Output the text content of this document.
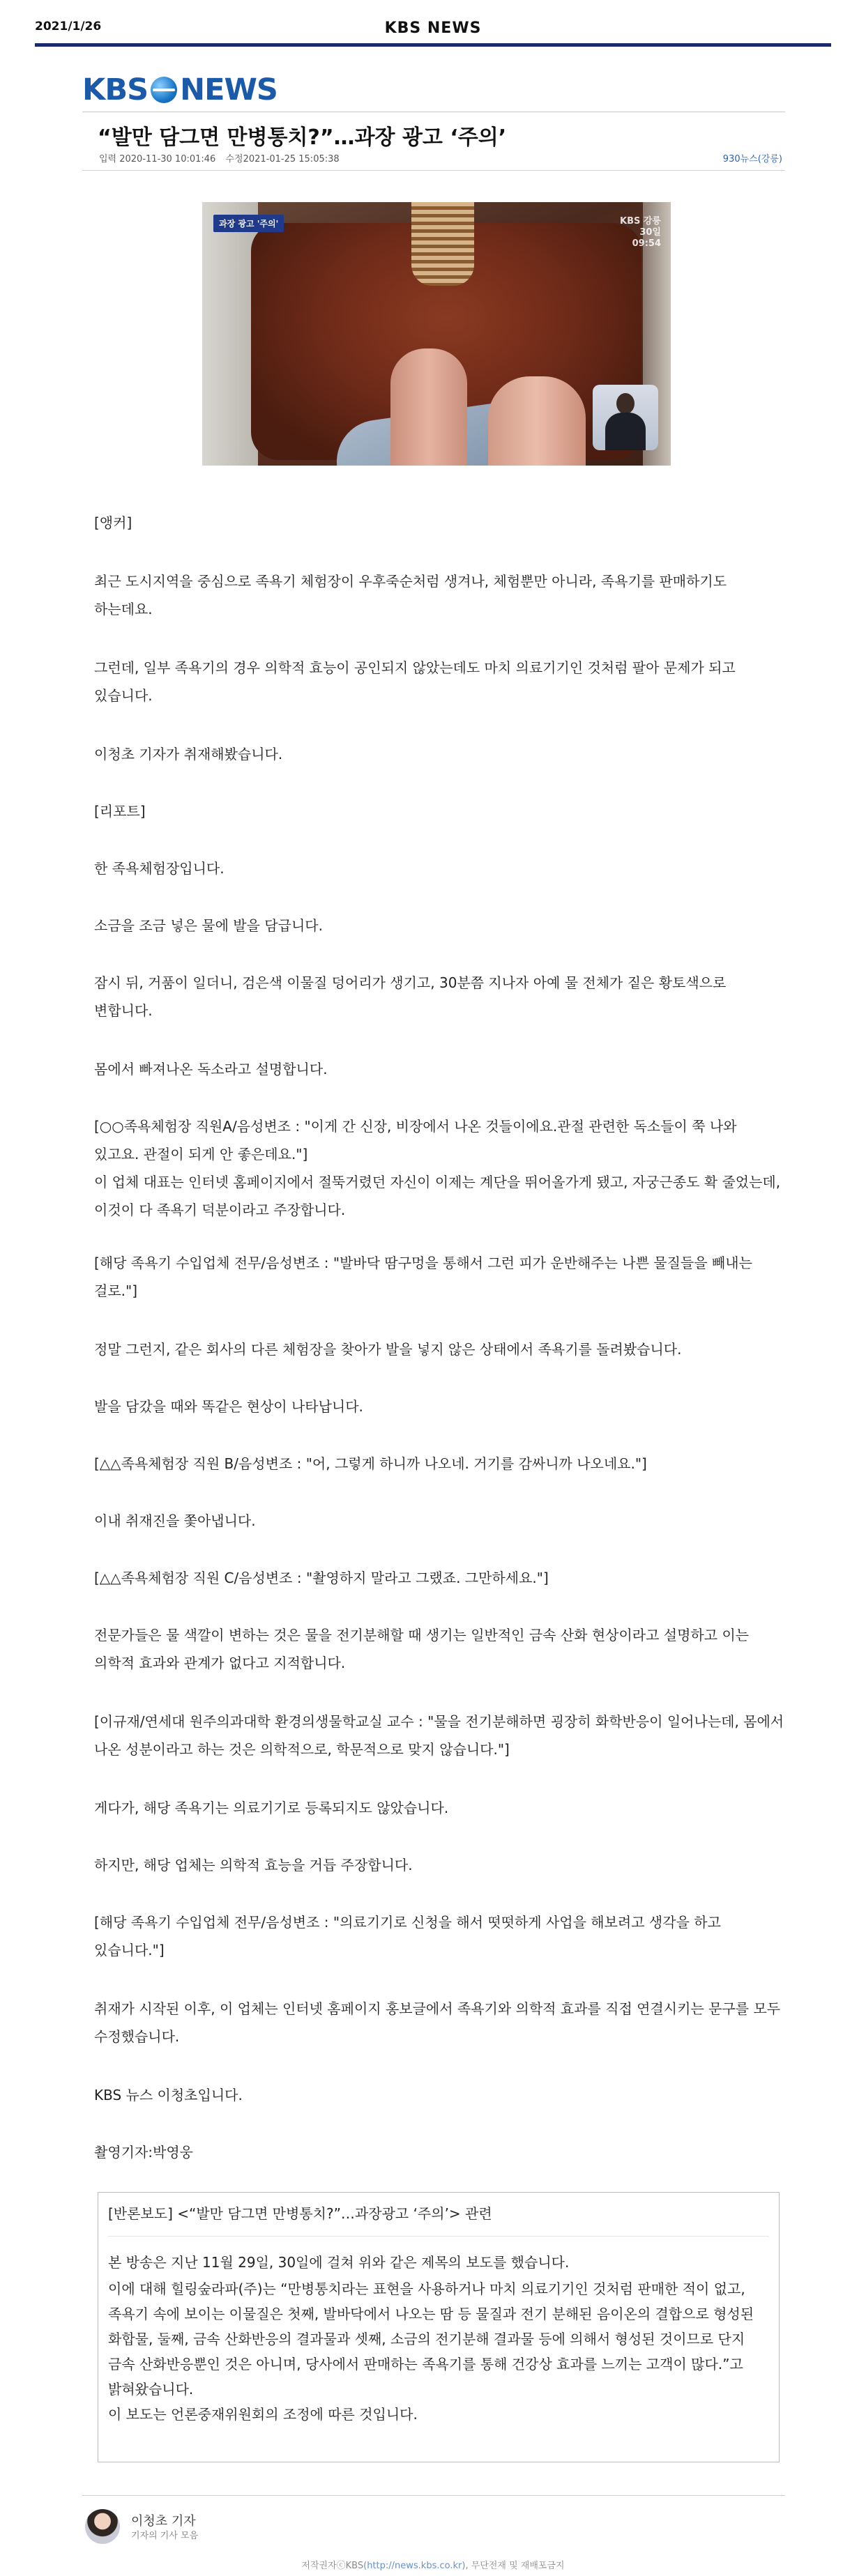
2021/1/26	KBS NEWS
KBS NEWS
“발만 담그면 만병통치?”…과장 광고 ‘주의’
입력 2020-11-30 10:01:46 수정2021-01-25 15:05:38	930뉴스(강릉)
과장 광고 '주의'	KBS 강릉
30일
09:54
[앵커]
최근 도시지역을 중심으로 족욕기 체험장이 우후죽순처럼 생겨나, 체험뿐만 아니라, 족욕기를 판매하기도 하는데요.
그런데, 일부 족욕기의 경우 의학적 효능이 공인되지 않았는데도 마치 의료기기인 것처럼 팔아 문제가 되고 있습니다.
이청초 기자가 취재해봤습니다.
[리포트]
한 족욕체험장입니다.
소금을 조금 넣은 물에 발을 담급니다.
잠시 뒤, 거품이 일더니, 검은색 이물질 덩어리가 생기고, 30분쯤 지나자 아예 물 전체가 짙은 황토색으로 변합니다.
몸에서 빠져나온 독소라고 설명합니다.
[○○족욕체험장 직원A/음성변조 : "이게 간 신장, 비장에서 나온 것들이에요.관절 관련한 독소들이 쭉 나와 있고요. 관절이 되게 안 좋은데요."]
이 업체 대표는 인터넷 홈페이지에서 절뚝거렸던 자신이 이제는 계단을 뛰어올가게 됐고, 자궁근종도 확 줄었는데, 이것이 다 족욕기 덕분이라고 주장합니다.
[해당 족욕기 수입업체 전무/음성변조 : "발바닥 땀구멍을 통해서 그런 피가 운반해주는 나쁜 물질들을 빼내는 걸로."]
정말 그런지, 같은 회사의 다른 체험장을 찾아가 발을 넣지 않은 상태에서 족욕기를 돌려봤습니다.
발을 담갔을 때와 똑같은 현상이 나타납니다.
[△△족욕체험장 직원 B/음성변조 : "어, 그렇게 하니까 나오네. 거기를 감싸니까 나오네요."]
이내 취재진을 쫓아냅니다.
[△△족욕체험장 직원 C/음성변조 : "촬영하지 말라고 그랬죠. 그만하세요."]
전문가들은 물 색깔이 변하는 것은 물을 전기분해할 때 생기는 일반적인 금속 산화 현상이라고 설명하고 이는 의학적 효과와 관계가 없다고 지적합니다.
[이규재/연세대 원주의과대학 환경의생물학교실 교수 : "물을 전기분해하면 굉장히 화학반응이 일어나는데, 몸에서 나온 성분이라고 하는 것은 의학적으로, 학문적으로 맞지 않습니다."]
게다가, 해당 족욕기는 의료기기로 등록되지도 않았습니다.
하지만, 해당 업체는 의학적 효능을 거듭 주장합니다.
[해당 족욕기 수입업체 전무/음성변조 : "의료기기로 신청을 해서 떳떳하게 사업을 해보려고 생각을 하고 있습니다."]
취재가 시작된 이후, 이 업체는 인터넷 홈페이지 홍보글에서 족욕기와 의학적 효과를 직접 연결시키는 문구를 모두 수정했습니다.
KBS 뉴스 이청초입니다.
촬영기자:박영웅
[반론보도] <“발만 담그면 만병통치?”…과장광고 ‘주의’> 관련
본 방송은 지난 11월 29일, 30일에 걸쳐 위와 같은 제목의 보도를 했습니다.
이에 대해 힐링숲라파(주)는 “만병통치라는 표현을 사용하거나 마치 의료기기인 것처럼 판매한 적이 없고, 족욕기 속에 보이는 이물질은 첫째, 발바닥에서 나오는 땀 등 물질과 전기 분해된 음이온의 결합으로 형성된 화합물, 둘째, 금속 산화반응의 결과물과 셋째, 소금의 전기분해 결과물 등에 의해서 형성된 것이므로 단지 금속 산화반응뿐인 것은 아니며, 당사에서 판매하는 족욕기를 통해 건강상 효과를 느끼는 고객이 많다.”고 밝혀왔습니다.
이 보도는 언론중재위원회의 조정에 따른 것입니다.
이청초 기자
기자의 기사 모음
저작권자ⓒKBS(http://news.kbs.co.kr), 무단전재 및 재배포금지
